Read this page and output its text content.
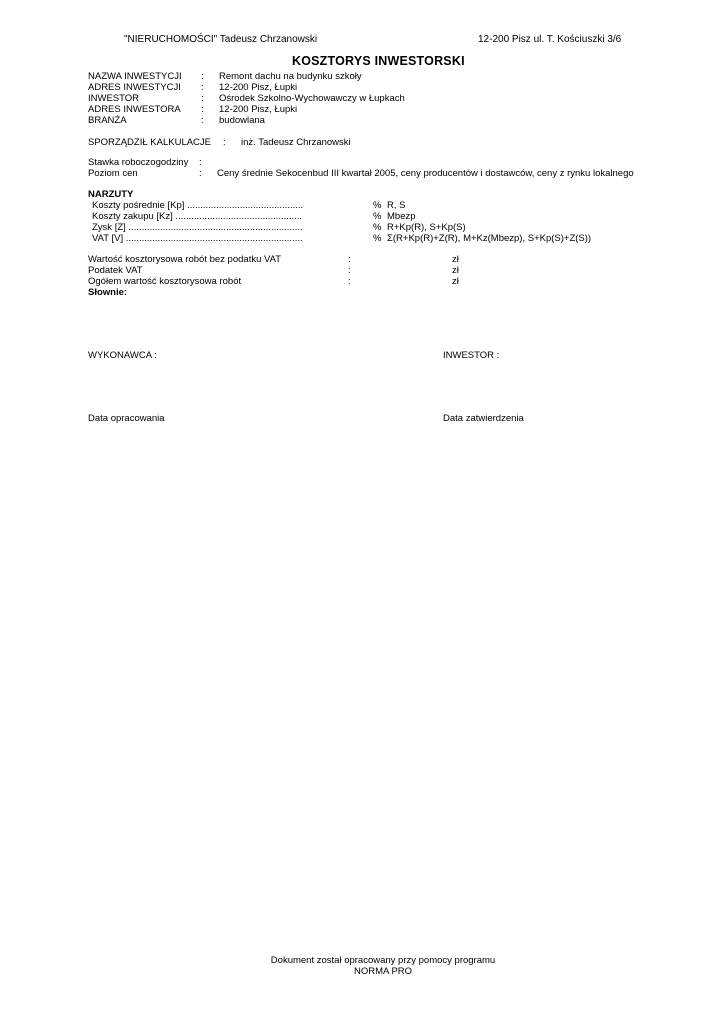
"NIERUCHOMOŚCI" Tadeusz Chrzanowski	12-200 Pisz ul. T. Kościuszki 3/6
KOSZTORYS INWESTORSKI
NAZWA INWESTYCJI : Remont dachu na budynku szkoły
ADRES INWESTYCJI : 12-200 Pisz, Łupki
INWESTOR	: Ośrodek Szkolno-Wychowawczy w Łupkach
ADRES INWESTORA : 12-200 Pisz, Łupki
BRANŻA	: budowlana
SPORZĄDZIŁ KALKULACJE : inż. Tadeusz Chrzanowski
Stawka roboczogodziny :
Poziom cen	: Ceny średnie Sekocenbud III kwartał 2005, ceny producentów i dostawców, ceny z rynku lokalnego
NARZUTY
Koszty pośrednie [Kp] ............................................	% R, S
Koszty zakupu [Kz] ................................................	% Mbezp
Zysk [Z] ..................................................................	% R+Kp(R), S+Kp(S)
VAT [V] ...................................................................	% Σ(R+Kp(R)+Z(R), M+Kz(Mbezp), S+Kp(S)+Z(S))
Wartość kosztorysowa robót bez podatku VAT	:	zł
Podatek VAT	:	zł
Ogółem wartość kosztorysowa robót	:	zł
Słownie:
WYKONAWCA :	INWESTOR :
Data opracowania	Data zatwierdzenia
Dokument został opracowany przy pomocy programu
NORMA PRO
